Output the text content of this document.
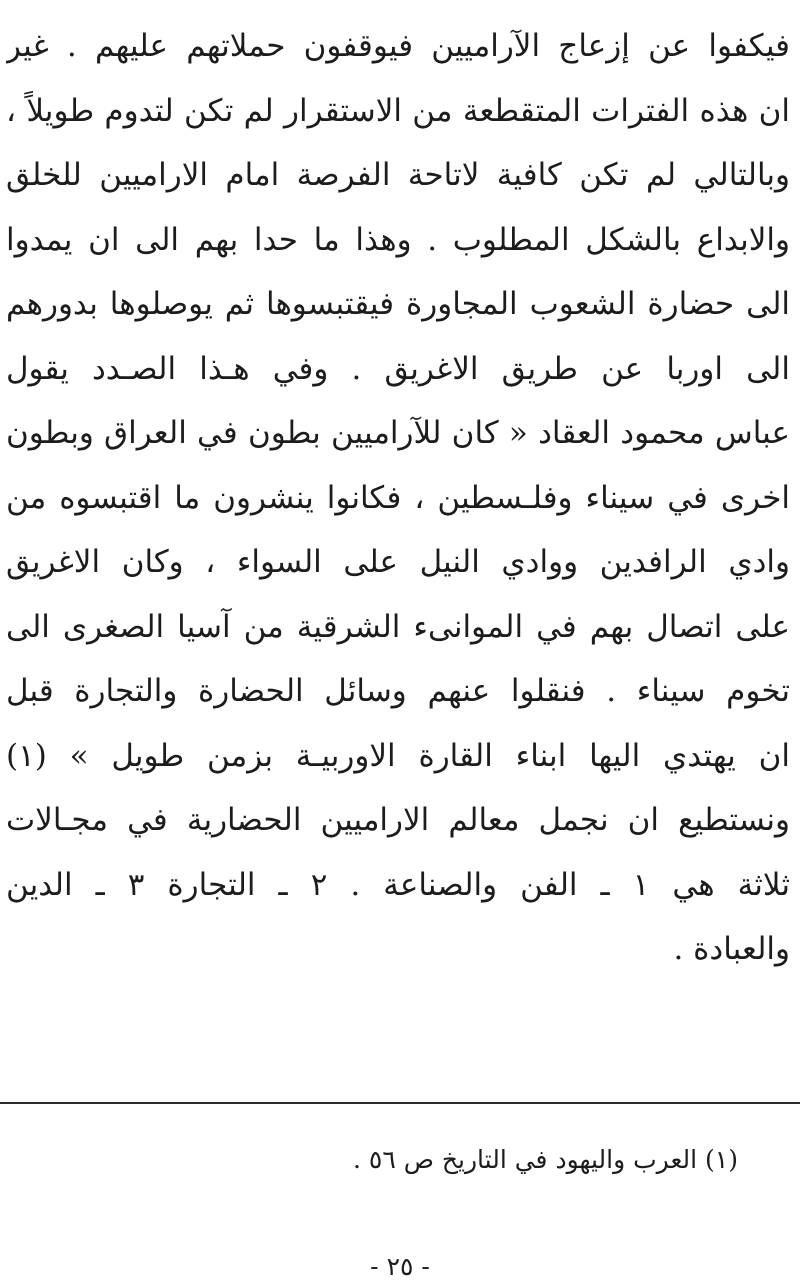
فيكفوا عن إزعاج الآراميين فيوقفون حملاتهم عليهم . غير
ان هذه الفترات المتقطعة من الاستقرار لم تكن لتدوم طويلاً ،
وبالتالي لم تكن كافية لاتاحة الفرصة امام الاراميين للخلق
والابداع بالشكل المطلوب . وهذا ما حدا بهم الى ان يمدوا
الى حضارة الشعوب المجاورة فيقتبسوها ثم يوصلوها بدورهم
الى اوربا عن طريق الاغريق . وفي هـذا الصـدد يقول
عباس محمود العقاد « كان للآراميين بطون في العراق وبطون
اخرى في سيناء وفلـسطين ، فكانوا ينشرون ما اقتبسوه من
وادي الرافدين ووادي النيل على السواء ، وكان الاغريق
على اتصال بهم في الموانىء الشرقية من آسيا الصغرى الى
تخوم سيناء . فنقلوا عنهم وسائل الحضارة والتجارة قبل
ان يهتدي اليها ابناء القارة الاوربيـة بزمن طويل » (١)
ونستطيع ان نجمل معالم الاراميين الحضارية في مجـالات
ثلاثة هي ١ ـ الفن والصناعة . ٢ ـ التجارة ٣ ـ الدين
والعبادة .
(١) العرب واليهود في التاريخ ص ٥٦ .
- ٢٥ -
